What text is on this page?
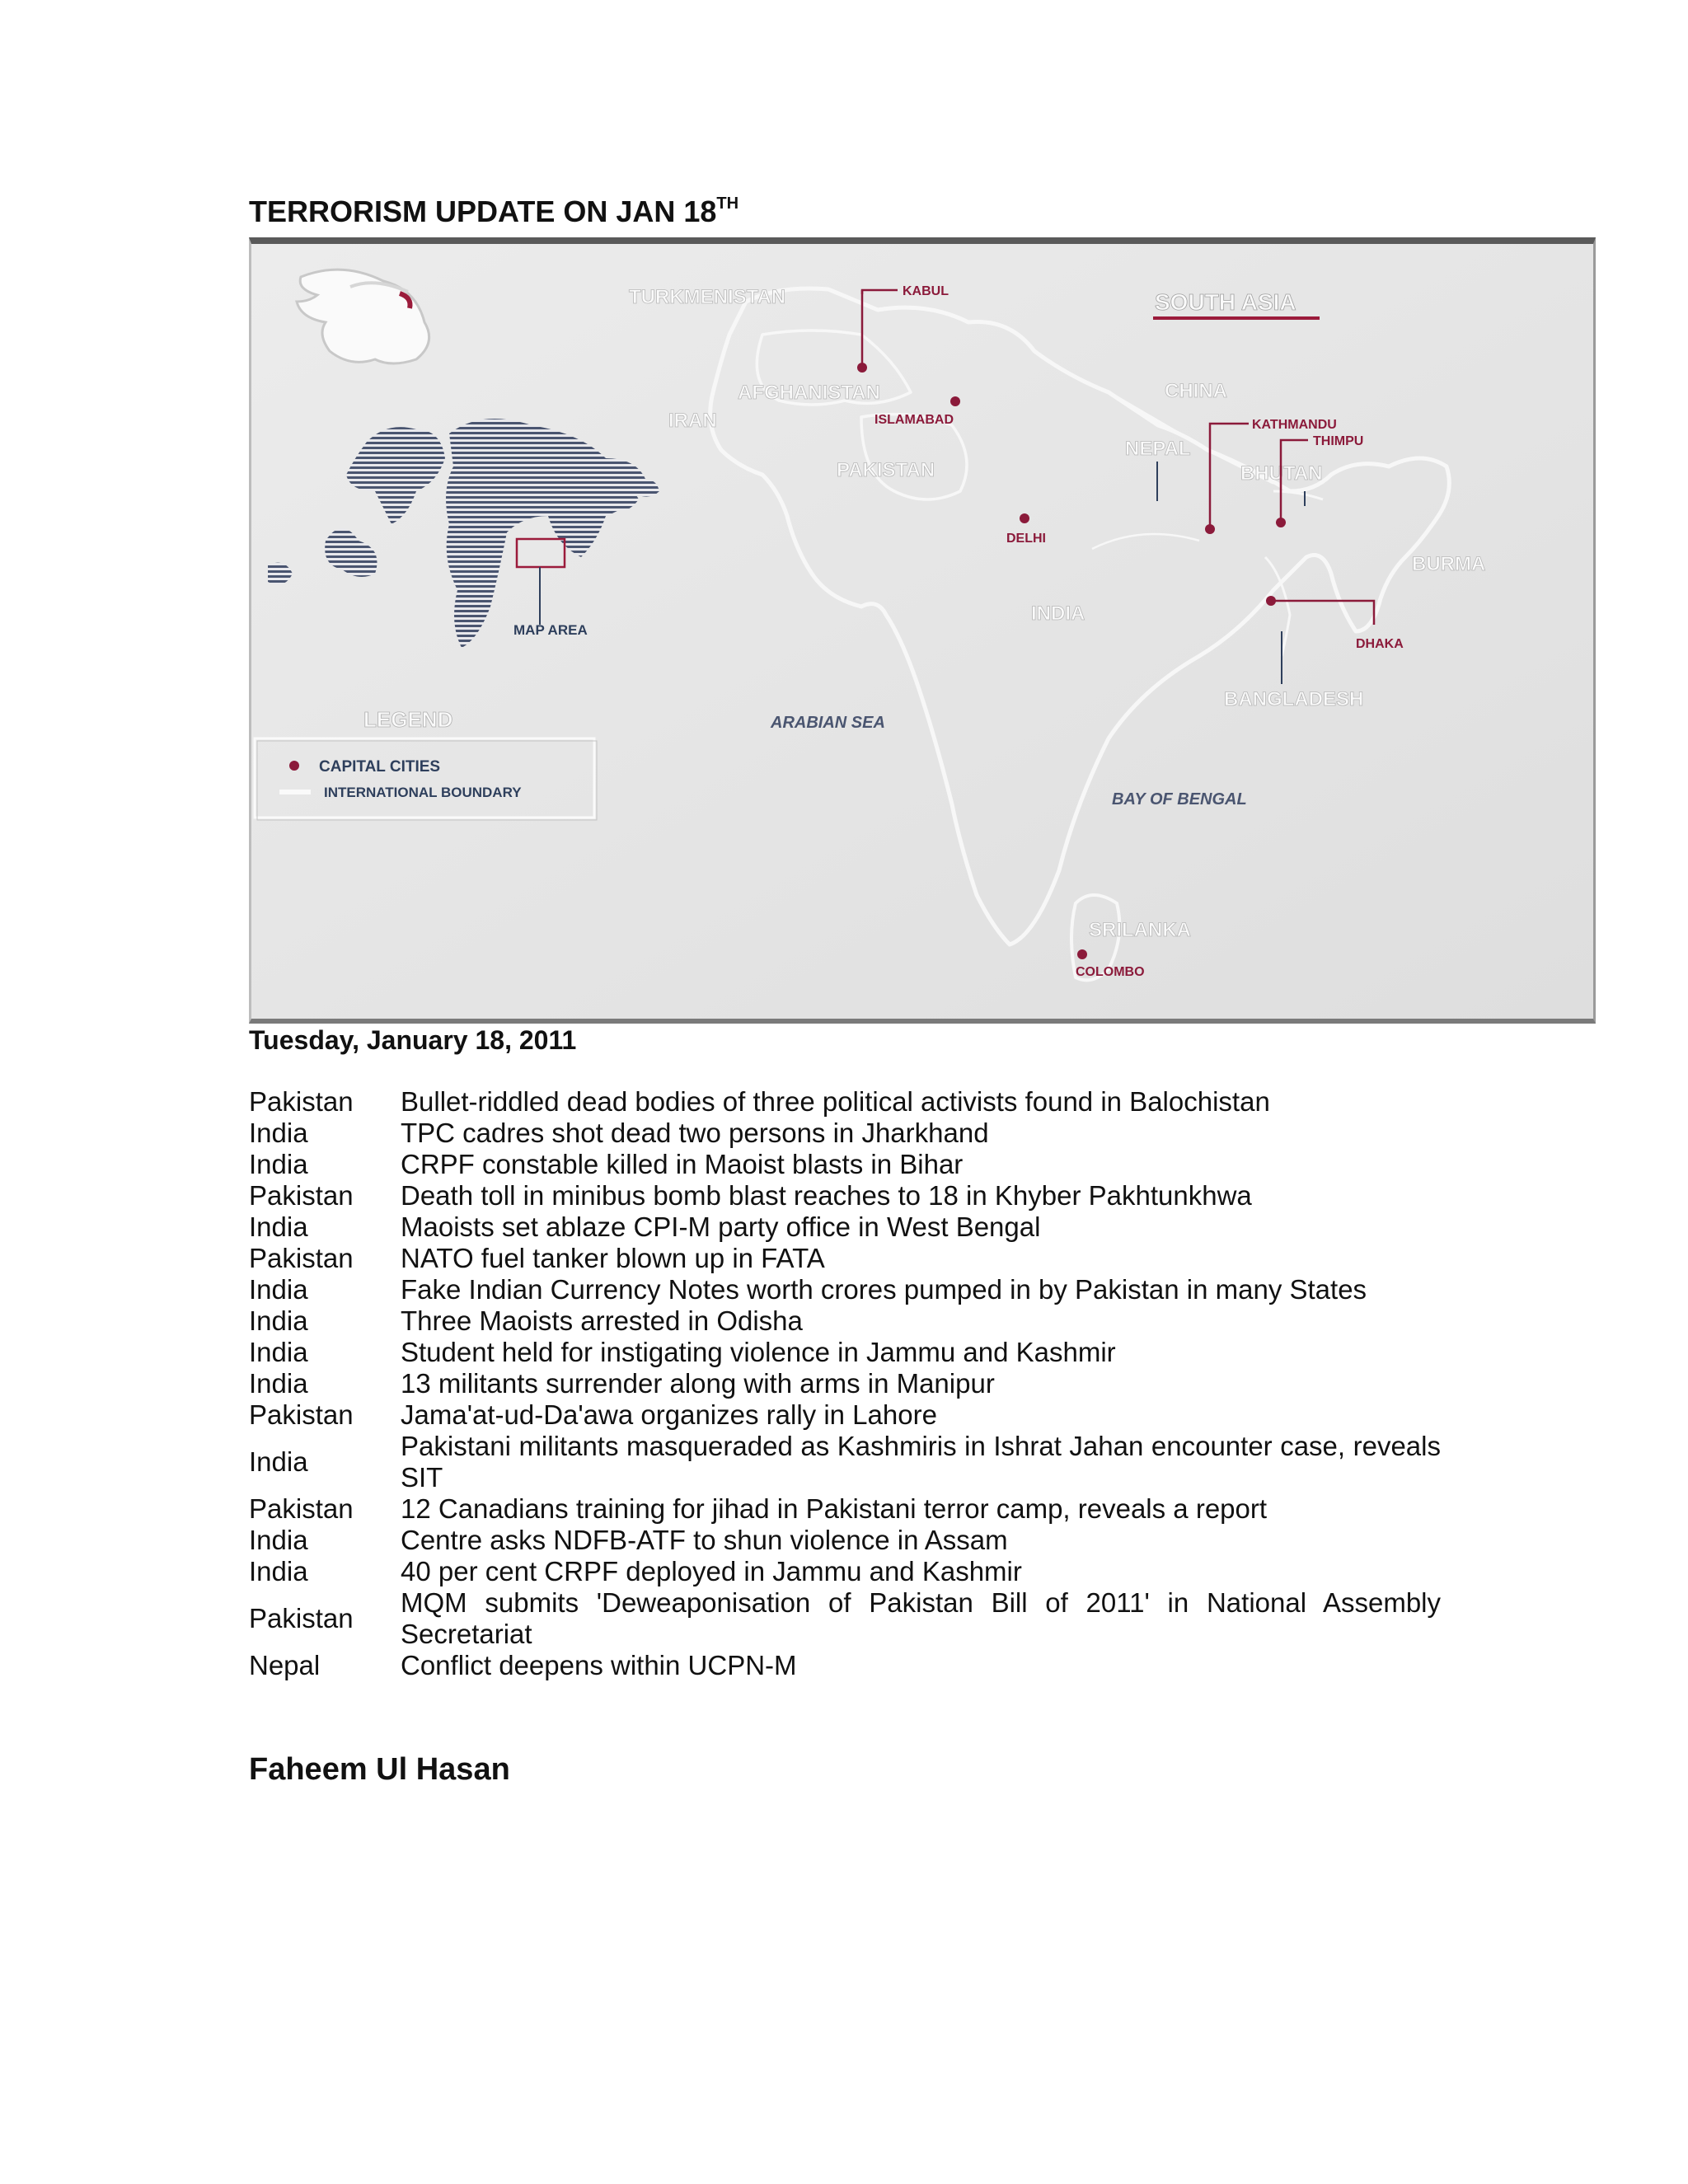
TERRORISM UPDATE ON JAN 18TH
MAP AREA
TURKMENISTAN
AFGHANISTAN
IRAN
PAKISTAN
CHINA
NEPAL
BHUTAN
BURMA
INDIA
BANGLADESH
SRILANKA
SOUTH ASIA
ARABIAN SEA
BAY OF BENGAL
KABUL
ISLAMABAD
DELHI
KATHMANDU
THIMPU
DHAKA
COLOMBO
LEGEND
CAPITAL CITIES
INTERNATIONAL BOUNDARY

Tuesday, January 18, 2011

Pakistan	Bullet-riddled dead bodies of three political activists found in Balochistan
India	TPC cadres shot dead two persons in Jharkhand
India	CRPF constable killed in Maoist blasts in Bihar
Pakistan	Death toll in minibus bomb blast reaches to 18 in Khyber Pakhtunkhwa
India	Maoists set ablaze CPI-M party office in West Bengal
Pakistan	NATO fuel tanker blown up in FATA
India	Fake Indian Currency Notes worth crores pumped in by Pakistan in many States
India	Three Maoists arrested in Odisha
India	Student held for instigating violence in Jammu and Kashmir
India	13 militants surrender along with arms in Manipur
Pakistan	Jama'at-ud-Da'awa organizes rally in Lahore
India	Pakistani militants masqueraded as Kashmiris in Ishrat Jahan encounter case, reveals SIT
Pakistan	12 Canadians training for jihad in Pakistani terror camp, reveals a report
India	Centre asks NDFB-ATF to shun violence in Assam
India	40 per cent CRPF deployed in Jammu and Kashmir
Pakistan	MQM submits 'Deweaponisation of Pakistan Bill of 2011' in National Assembly Secretariat
Nepal	Conflict deepens within UCPN-M

Faheem Ul Hasan
